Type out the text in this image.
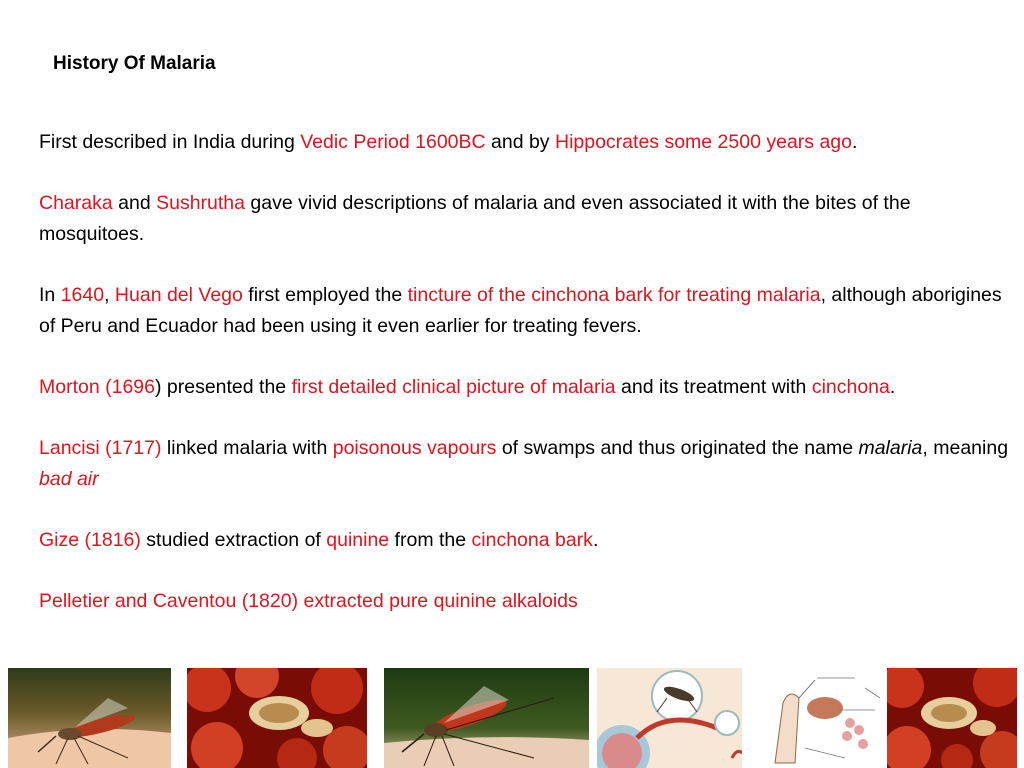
History Of Malaria

First described in India during Vedic Period 1600BC and by Hippocrates some 2500 years ago.

Charaka and Sushrutha gave vivid descriptions of malaria and even associated it with the bites of the mosquitoes.

In 1640, Huan del Vego first employed the tincture of the cinchona bark for treating malaria, although aborigines of Peru and Ecuador had been using it even earlier for treating fevers.

Morton (1696) presented the first detailed clinical picture of malaria and its treatment with cinchona.

Lancisi (1717) linked malaria with poisonous vapours of swamps and thus originated the name malaria, meaning bad air

Gize (1816) studied extraction of quinine from the cinchona bark.

Pelletier and Caventou (1820) extracted pure quinine alkaloids
